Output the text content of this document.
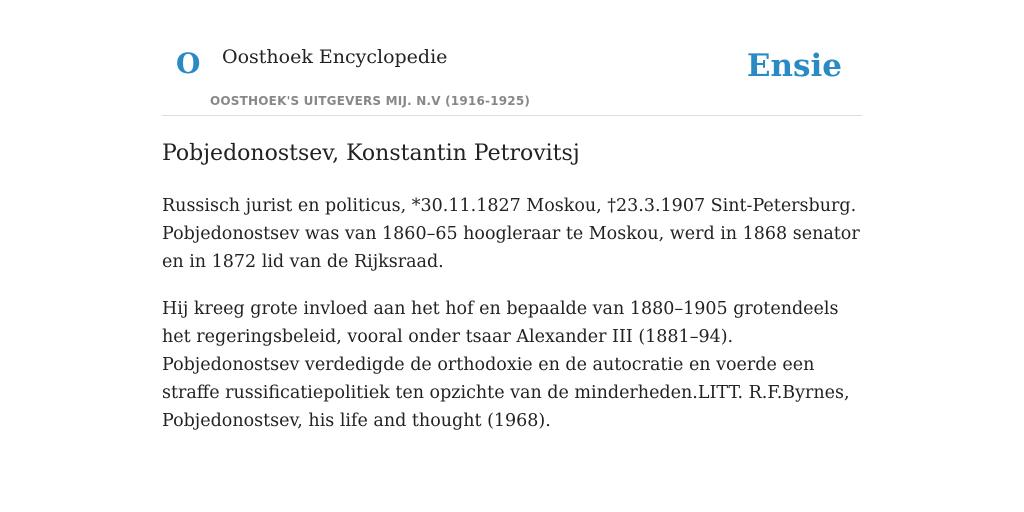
O Oosthoek Encyclopedie
OOSTHOEK'S UITGEVERS MIJ. N.V (1916-1925)
Ensie
Pobjedonostsev, Konstantin Petrovitsj

Russisch jurist en politicus, *30.11.1827 Moskou, †23.3.1907 Sint-Petersburg. Pobjedonostsev was van 1860–65 hoogleraar te Moskou, werd in 1868 senator en in 1872 lid van de Rijksraad.

Hij kreeg grote invloed aan het hof en bepaalde van 1880–1905 grotendeels het regeringsbeleid, vooral onder tsaar Alexander III (1881–94). Pobjedonostsev verdedigde de orthodoxie en de autocratie en voerde een straffe russificatiepolitiek ten opzichte van de minderheden.LITT. R.F.Byrnes, Pobjedonostsev, his life and thought (1968).
